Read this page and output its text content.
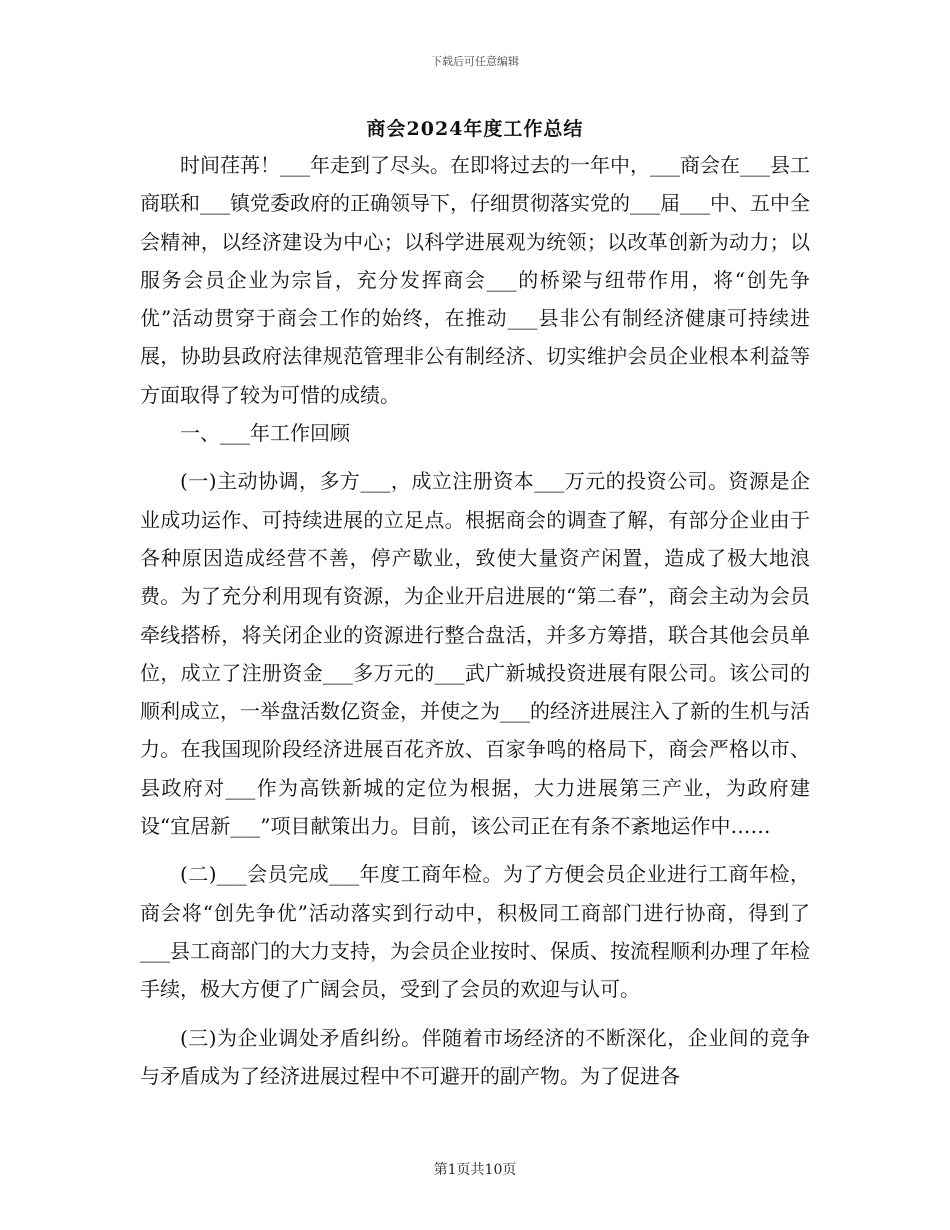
下载后可任意编辑
商会2024年度工作总结

时间荏苒！___年走到了尽头。在即将过去的一年中，___商会在___县工商联和___镇党委政府的正确领导下，仔细贯彻落实党的___届___中、五中全会精神，以经济建设为中心；以科学进展观为统领；以改革创新为动力；以服务会员企业为宗旨，充分发挥商会___的桥梁与纽带作用，将“创先争优”活动贯穿于商会工作的始终，在推动___县非公有制经济健康可持续进展，协助县政府法律规范管理非公有制经济、切实维护会员企业根本利益等方面取得了较为可惜的成绩。

一、___年工作回顾

(一)主动协调，多方___，成立注册资本___万元的投资公司。资源是企业成功运作、可持续进展的立足点。根据商会的调查了解，有部分企业由于各种原因造成经营不善，停产歇业，致使大量资产闲置，造成了极大地浪费。为了充分利用现有资源，为企业开启进展的“第二春”，商会主动为会员牵线搭桥，将关闭企业的资源进行整合盘活，并多方筹措，联合其他会员单位，成立了注册资金___多万元的___武广新城投资进展有限公司。该公司的顺利成立，一举盘活数亿资金，并使之为___的经济进展注入了新的生机与活力。在我国现阶段经济进展百花齐放、百家争鸣的格局下，商会严格以市、县政府对___作为高铁新城的定位为根据，大力进展第三产业，为政府建设“宜居新___”项目献策出力。目前，该公司正在有条不紊地运作中……

(二)___会员完成___年度工商年检。为了方便会员企业进行工商年检，商会将“创先争优”活动落实到行动中，积极同工商部门进行协商，得到了___县工商部门的大力支持，为会员企业按时、保质、按流程顺利办理了年检手续，极大方便了广阔会员，受到了会员的欢迎与认可。

(三)为企业调处矛盾纠纷。伴随着市场经济的不断深化，企业间的竞争与矛盾成为了经济进展过程中不可避开的副产物。为了促进各

第1页共10页
